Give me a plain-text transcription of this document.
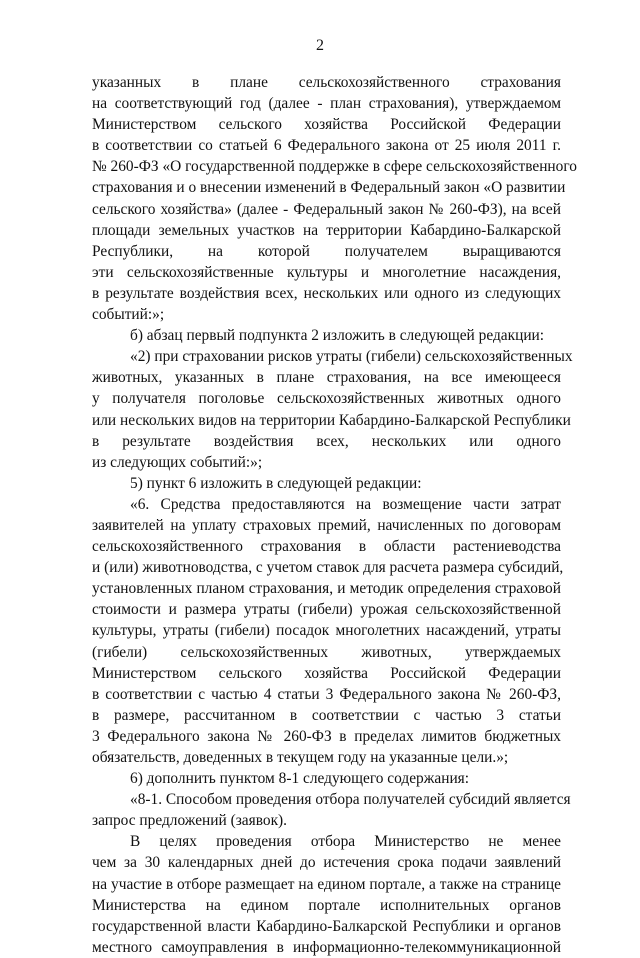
2
указанных в плане сельскохозяйственного страхования
на соответствующий год (далее - план страхования), утверждаемом
Министерством сельского хозяйства Российской Федерации
в соответствии со статьей 6 Федерального закона от 25 июля 2011 г.
№ 260-ФЗ «О государственной поддержке в сфере сельскохозяйственного
страхования и о внесении изменений в Федеральный закон «О развитии
сельского хозяйства» (далее - Федеральный закон № 260-ФЗ), на всей
площади земельных участков на территории Кабардино-Балкарской
Республики, на которой получателем выращиваются
эти сельскохозяйственные культуры и многолетние насаждения,
в результате воздействия всех, нескольких или одного из следующих
событий:»;
б) абзац первый подпункта 2 изложить в следующей редакции:
«2) при страховании рисков утраты (гибели) сельскохозяйственных
животных, указанных в плане страхования, на все имеющееся
у получателя поголовье сельскохозяйственных животных одного
или нескольких видов на территории Кабардино-Балкарской Республики
в результате воздействия всех, нескольких или одного
из следующих событий:»;
5) пункт 6 изложить в следующей редакции:
«6. Средства предоставляются на возмещение части затрат
заявителей на уплату страховых премий, начисленных по договорам
сельскохозяйственного страхования в области растениеводства
и (или) животноводства, с учетом ставок для расчета размера субсидий,
установленных планом страхования, и методик определения страховой
стоимости и размера утраты (гибели) урожая сельскохозяйственной
культуры, утраты (гибели) посадок многолетних насаждений, утраты
(гибели) сельскохозяйственных животных, утверждаемых
Министерством сельского хозяйства Российской Федерации
в соответствии с частью 4 статьи 3 Федерального закона № 260-ФЗ,
в размере, рассчитанном в соответствии с частью 3 статьи
3 Федерального закона № 260-ФЗ в пределах лимитов бюджетных
обязательств, доведенных в текущем году на указанные цели.»;
6) дополнить пунктом 8-1 следующего содержания:
«8-1. Способом проведения отбора получателей субсидий является
запрос предложений (заявок).
В целях проведения отбора Министерство не менее
чем за 30 календарных дней до истечения срока подачи заявлений
на участие в отборе размещает на едином портале, а также на странице
Министерства на едином портале исполнительных органов
государственной власти Кабардино-Балкарской Республики и органов
местного самоуправления в информационно-телекоммуникационной
